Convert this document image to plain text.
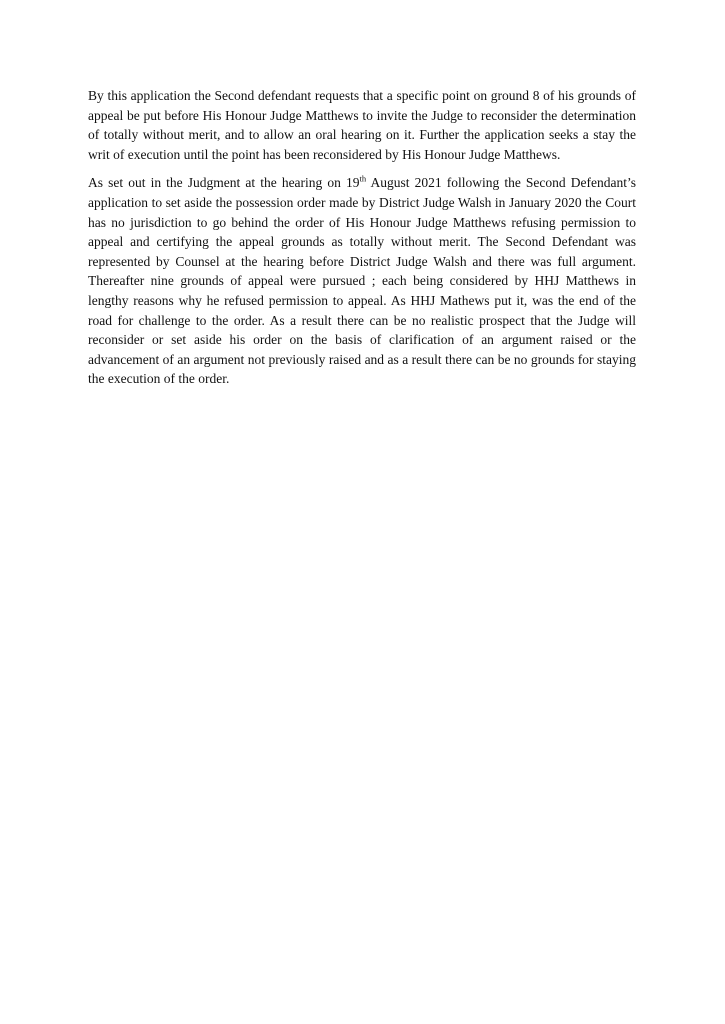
By this application the Second defendant requests that a specific point on ground 8 of his grounds of appeal be put before His Honour Judge Matthews to invite the Judge to reconsider the determination of totally without merit, and to allow an oral hearing on it. Further the application seeks a stay the writ of execution until the point has been reconsidered by His Honour Judge Matthews.

As set out in the Judgment at the hearing on 19th August 2021 following the Second Defendant’s application to set aside the possession order made by District Judge Walsh in January 2020 the Court has no jurisdiction to go behind the order of His Honour Judge Matthews refusing permission to appeal and certifying the appeal grounds as totally without merit. The Second Defendant was represented by Counsel at the hearing before District Judge Walsh and there was full argument. Thereafter nine grounds of appeal were pursued ; each being considered by HHJ Matthews in lengthy reasons why he refused permission to appeal. As HHJ Mathews put it, was the end of the road for challenge to the order. As a result there can be no realistic prospect that the Judge will reconsider or set aside his order on the basis of clarification of an argument raised or the advancement of an argument not previously raised and as a result there can be no grounds for staying the execution of the order.
